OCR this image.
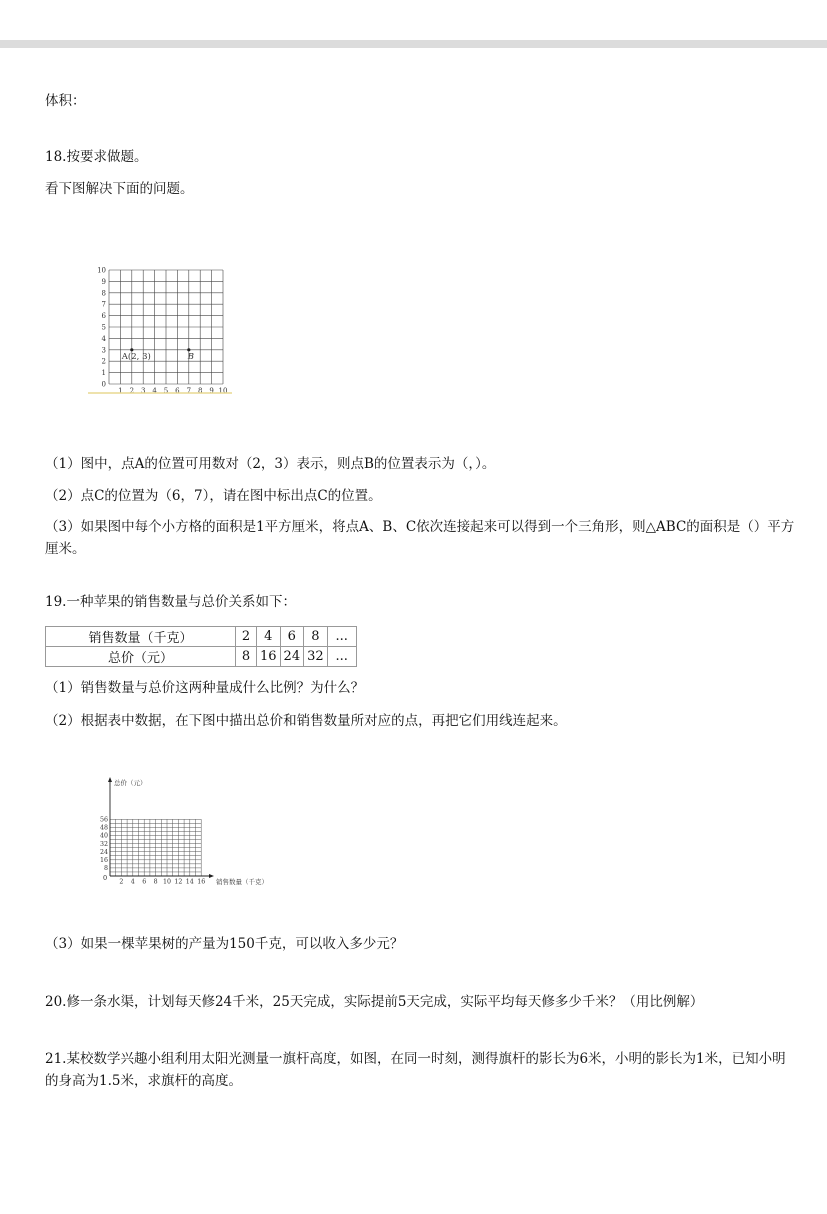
体积：
18.按要求做题。
看下图解决下面的问题。
0
1
2
3
4
5
6
7
8
9
10
1 2 3 4 5 6 7 8 9 10
A(2, 3)	B
（1）图中，点A的位置可用数对（2，3）表示，则点B的位置表示为（，）。
（2）点C的位置为（6，7），请在图中标出点C的位置。
（3）如果图中每个小方格的面积是1平方厘米，将点A、B、C依次连接起来可以得到一个三角形，则△ABC的面积是（）平方厘米。
19.一种苹果的销售数量与总价关系如下：
销售数量（千克）	2	4	6	8	...
总价（元）	8	16	24	32	...
（1）销售数量与总价这两种量成什么比例？为什么？
（2）根据表中数据，在下图中描出总价和销售数量所对应的点，再把它们用线连起来。
2 4 6 8 10 12 14 16
8
16
24
32
40
48
56
总价（元）
销售数量（千克）
0
（3）如果一棵苹果树的产量为150千克，可以收入多少元？
20.修一条水渠，计划每天修24千米，25天完成，实际提前5天完成，实际平均每天修多少千米？（用比例解）
21.某校数学兴趣小组利用太阳光测量一旗杆高度，如图，在同一时刻，测得旗杆的影长为6米，小明的影长为1米，已知小明的身高为1.5米，求旗杆的高度。
